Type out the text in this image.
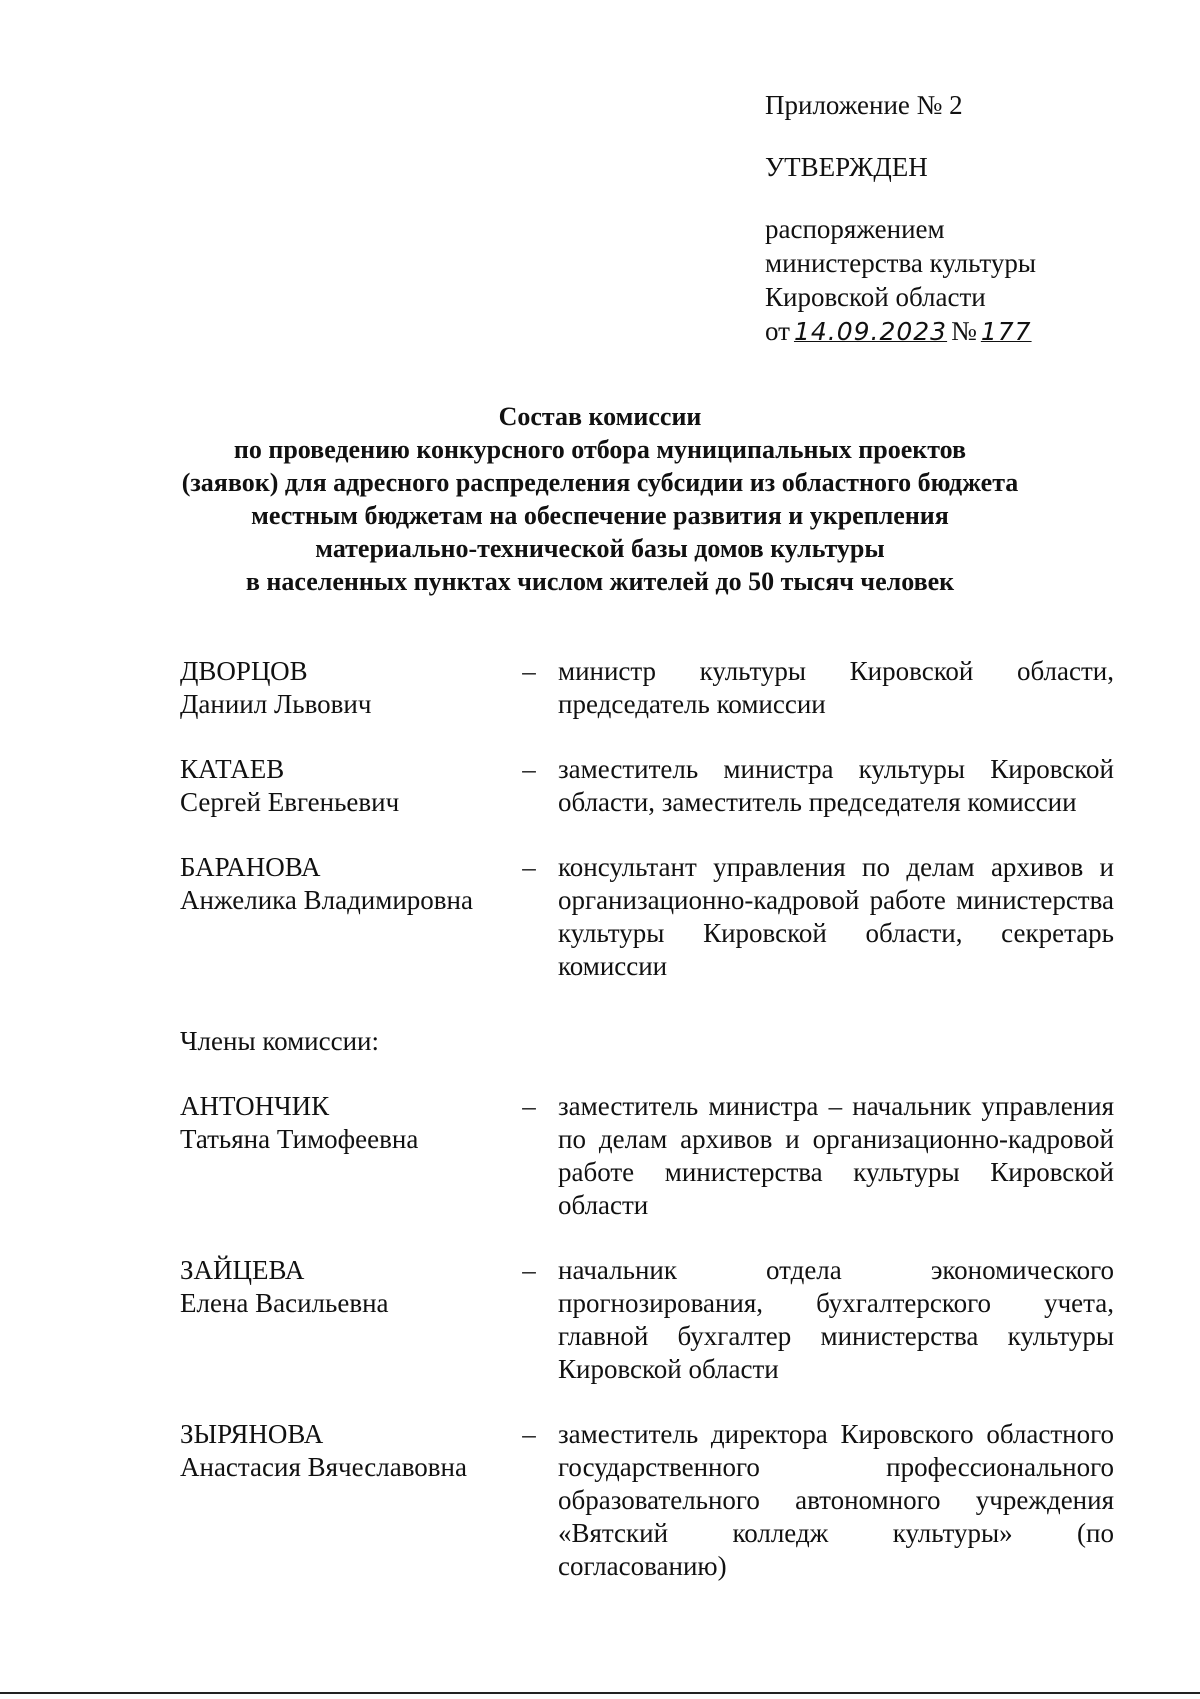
Приложение № 2
УТВЕРЖДЕН
распоряжением
министерства культуры
Кировской области
от 14.09.2023 № 177
Состав комиссии
по проведению конкурсного отбора муниципальных проектов
(заявок) для адресного распределения субсидии из областного бюджета
местным бюджетам на обеспечение развития и укрепления
материально-технической базы домов культуры
в населенных пунктах числом жителей до 50 тысяч человек
ДВОРЦОВ
Даниил Львович
– министр культуры Кировской области, председатель комиссии
КАТАЕВ
Сергей Евгеньевич
– заместитель министра культуры Кировской области, заместитель председателя комиссии
БАРАНОВА
Анжелика Владимировна
– консультант управления по делам архивов и организационно-кадровой работе министерства культуры Кировской области, секретарь комиссии
Члены комиссии:
АНТОНЧИК
Татьяна Тимофеевна
– заместитель министра – начальник управления по делам архивов и организационно-кадровой работе министерства культуры Кировской области
ЗАЙЦЕВА
Елена Васильевна
– начальник отдела экономического прогнозирования, бухгалтерского учета, главной бухгалтер министерства культуры Кировской области
ЗЫРЯНОВА
Анастасия Вячеславовна
– заместитель директора Кировского областного государственного профессионального образовательного автономного учреждения «Вятский колледж культуры» (по согласованию)
